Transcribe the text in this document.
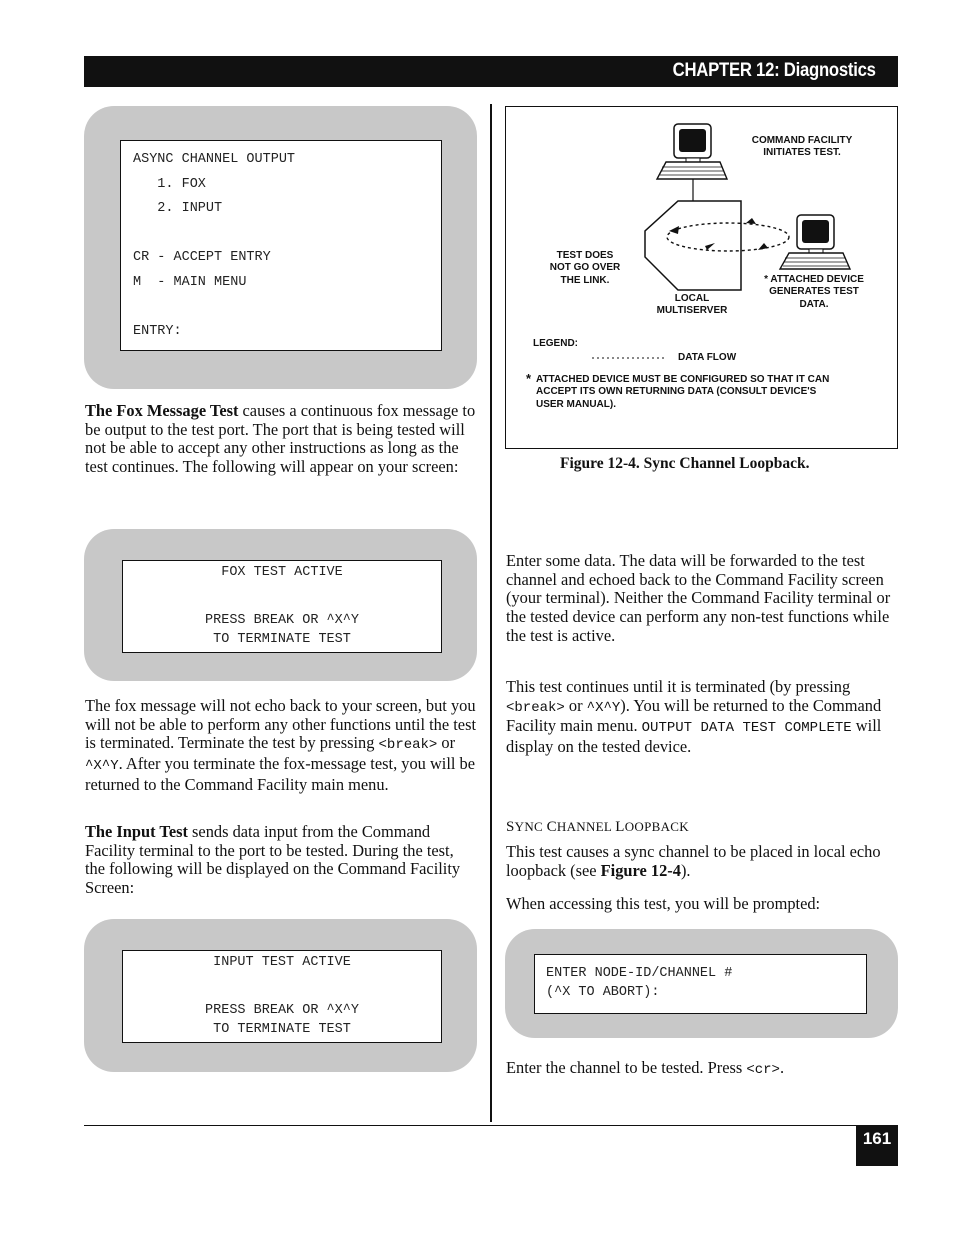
CHAPTER 12: Diagnostics
ASYNC CHANNEL OUTPUT
1. FOX
2. INPUT
CR - ACCEPT ENTRY
M  - MAIN MENU
ENTRY:

The Fox Message Test causes a continuous fox message to be output to the test port. The port that is being tested will not be able to accept any other instructions as long as the test continues. The following will appear on your screen:

FOX TEST ACTIVE
PRESS BREAK OR ^X^Y
TO TERMINATE TEST

The fox message will not echo back to your screen, but you will not be able to perform any other functions until the test is terminated. Terminate the test by pressing <break> or ^X^Y. After you terminate the fox-message test, you will be returned to the Command Facility main menu.

The Input Test sends data input from the Command Facility terminal to the port to be tested. During the test, the following will be displayed on the Command Facility Screen:

INPUT TEST ACTIVE
PRESS BREAK OR ^X^Y
TO TERMINATE TEST
COMMAND FACILITY
INITIATES TEST.
TEST DOES
NOT GO OVER
THE LINK.	* ATTACHED DEVICE
GENERATES TEST
DATA.
LOCAL
MULTISERVER
LEGEND:
DATA FLOW
* ATTACHED DEVICE MUST BE CONFIGURED SO THAT IT CAN
ACCEPT ITS OWN RETURNING DATA (CONSULT DEVICE'S
USER MANUAL).
Figure 12-4. Sync Channel Loopback.

Enter some data. The data will be forwarded to the test channel and echoed back to the Command Facility screen (your terminal). Neither the Command Facility terminal or the tested device can perform any non-test functions while the test is active.

This test continues until it is terminated (by pressing <break> or ^X^Y). You will be returned to the Command Facility main menu. OUTPUT DATA TEST COMPLETE will display on the tested device.

SYNC CHANNEL LOOPBACK

This test causes a sync channel to be placed in local echo loopback (see Figure 12-4).

When accessing this test, you will be prompted:

ENTER NODE-ID/CHANNEL #
(^X TO ABORT):

Enter the channel to be tested. Press <cr>.

161
